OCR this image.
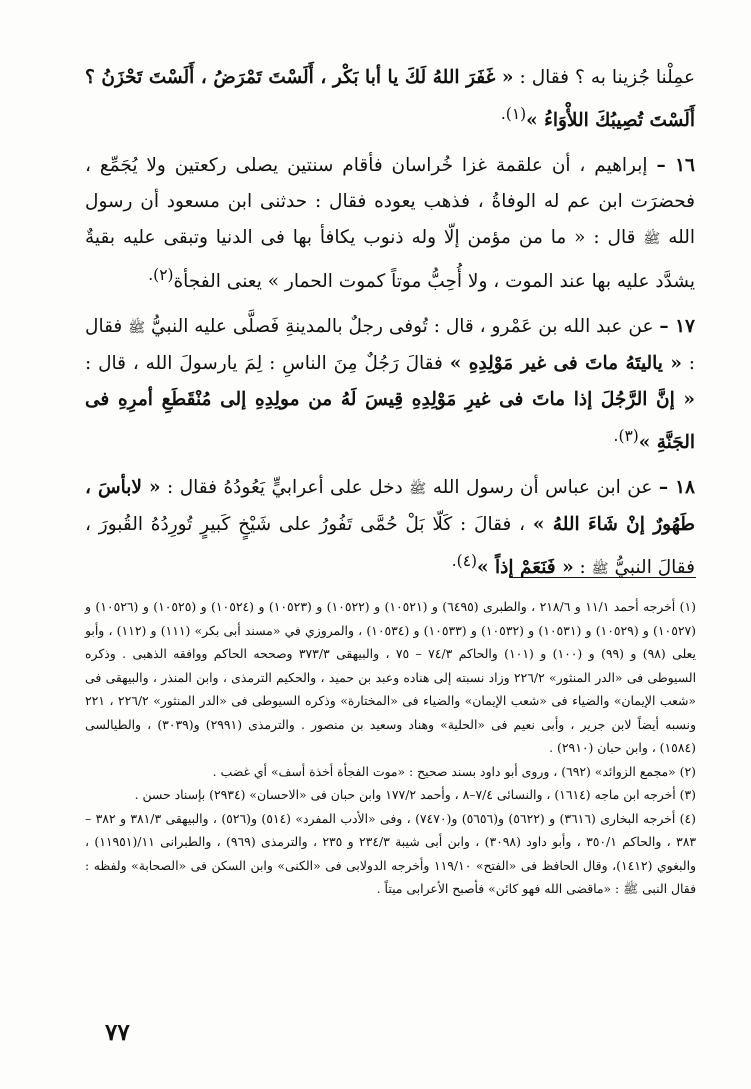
عمِلْنا جُزينا به ؟ فقال : « غَفَرَ اللهُ لَكَ يا أبا بَكْر ، أَلَسْتَ تَمْرَضُ ، أَلَسْتَ تَحْزَنُ ؟ أَلَسْتَ تُصِيبُكَ اللأْوَاءُ »$^{(١).}$

١٦ – إبراهيم ، أن علقمة غزا خُراسان فأقام سنتين يصلى ركعتين ولا يُجَمِّع ، فحضرَت ابن عم له الوفاةُ ، فذهب يعوده فقال : حدثنى ابن مسعود أن رسول الله ﷺ قال : « ما من مؤمن إلّا وله ذنوب يكافأ بها فى الدنيا وتبقى عليه بقيةٌ يشدَّد عليه بها عند الموت ، ولا أُحِبُّ موتاً كموت الحمار » يعنى الفجأة$^{(٢).}$

١٧ – عن عبد الله بن عَمْرو ، قال : تُوفى رجلٌ بالمدينةِ فَصلَّى عليه النبيُّ ﷺ فقال : « ياليتَهُ ماتَ فى غير مَوْلِدِهِ » فقالَ رَجُلٌ مِنَ الناسِ : لِمَ يارسولَ الله ، قال : « إنَّ الرَّجُلَ إذا ماتَ فى غيرِ مَوْلِدِهِ قِيسَ لَهُ من مولِدِهِ إلى مُنْقَطَعِ أمرِهِ فى الجَنَّةِ »$^{(٣).}$

١٨ – عن ابن عباس أن رسول الله ﷺ دخل على أعرابيٍّ يَعُودُهُ فقال : « لابأسَ ، طَهُورٌ إنْ شَاءَ اللهُ » ، فقالَ : كَلّا بَلْ حُمَّى تَفُورُ على شَيْخٍ كَبيرٍ تُورِدُهُ القُبورَ ، فقالَ النبيُّ ﷺ : « فَنَعَمْ إذاً »$^{(٤).}$

(١) أخرجه أحمد ١١/١ و ٢١٨/٦ ، والطبرى (٦٤٩٥) و (١٠٥٢١) و (١٠٥٢٢) و (١٠٥٢٣) و (١٠٥٢٤) و (١٠٥٢٥) و (١٠٥٢٦) و (١٠٥٢٧) و (١٠٥٢٩) و (١٠٥٣١) و (١٠٥٣٢) و (١٠٥٣٣) و (١٠٥٣٤) ، والمروزي في «مسند أبى بكر» (١١١) و (١١٢) ، وأبو يعلى (٩٨) و (٩٩) و (١٠٠) و (١٠١) والحاكم ٧٤/٣ – ٧٥ ، والبيهقى ٣٧٣/٣ وصححه الحاكم ووافقه الذهبى . وذكره السيوطى فى «الدر المنثور» ٢٢٦/٢ وزاد نسبته إلى هناده وعبد بن حميد ، والحكيم الترمذى ، وابن المنذر ، والبيهقى فى «شعب الإيمان» والضياء فى «شعب الإيمان» والضياء فى «المختارة» وذكره السيوطى فى «الدر المنثور» ٢٢٦/٢ ، ٢٢١ ونسبه أيضاً لابن جرير ، وأبى نعيم فى «الحلية» وهناد وسعيد بن منصور . والترمذى (٢٩٩١) و(٣٠٣٩) ، والطيالسى (١٥٨٤) ، وابن حبان (٢٩١٠) .

(٢) «مجمع الزوائد» (٦٩٢) ، وروى أبو داود بسند صحيح : «موت الفجأة أخذة أسف» أي غضب .

(٣) أخرجه ابن ماجه (١٦١٤) ، والنسائى ٧/٤–٨ ، وأحمد ١٧٧/٢ وابن حبان فى «الاحسان» (٢٩٣٤) بإسناد حسن .

(٤) أخرجه البخارى (٣٦١٦) و (٥٦٢٢) و(٥٦٥٦) و(٧٤٧٠) ، وفى «الأدب المفرد» (٥١٤) و(٥٢٦) ، والبيهقى ٣٨١/٣ و ٣٨٢ – ٣٨٣ ، والحاكم ٣٥٠/١ ، وأبو داود (٣٠٩٨) ، وابن أبى شيبة ٢٣٤/٣ و ٢٣٥ ، والترمذى (٩٦٩) ، والطبرانى ١١/(١١٩٥١) ، والبغوي (١٤١٢)، وقال الحافظ فى «الفتح» ١١٩/١٠ وأخرجه الدولابى فى «الكنى» وابن السكن فى «الصحابة» ولفظه : فقال النبى ﷺ : «ماقضى الله فهو كائن» فأصبح الأعرابى ميتاً .

٧٧
